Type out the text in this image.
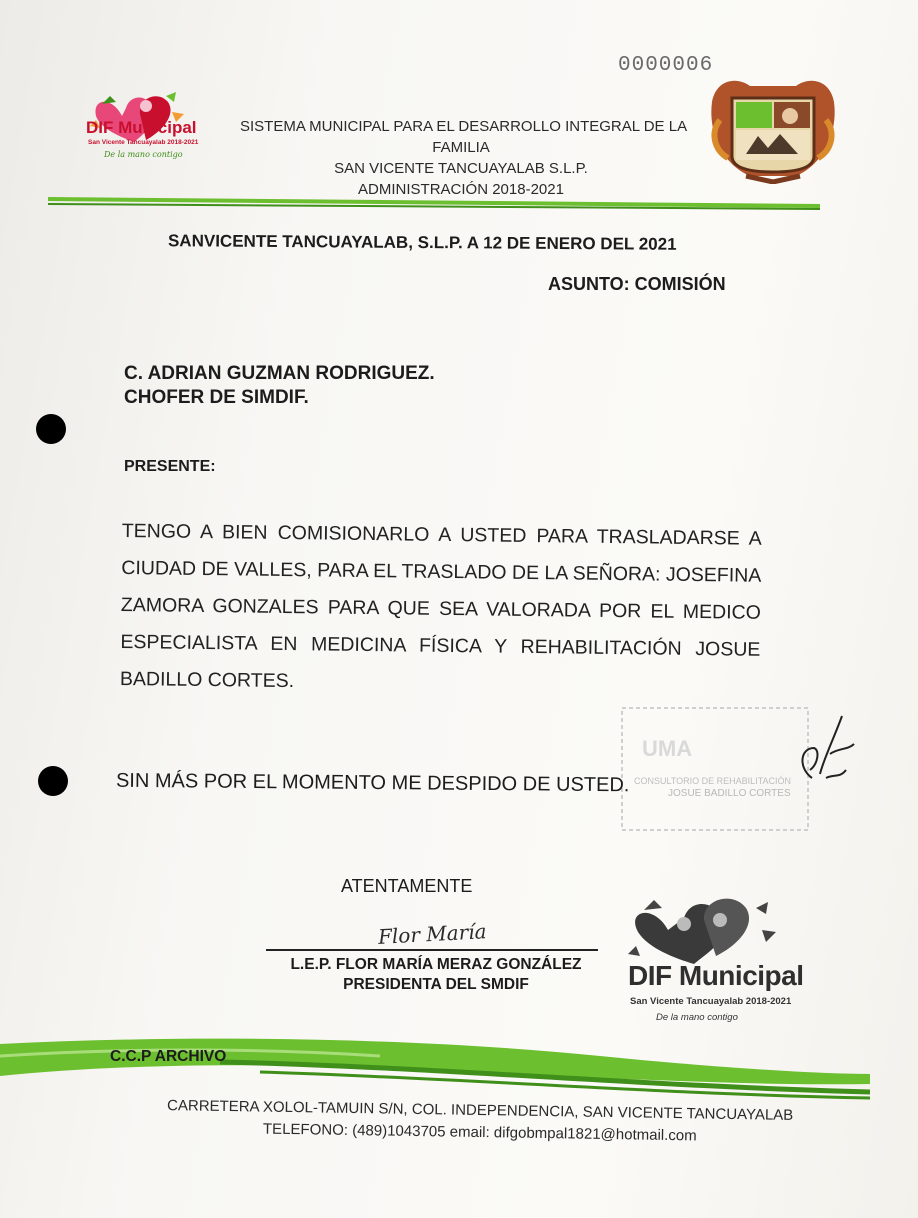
0000006
DIF Municipal
San Vicente Tancuayalab 2018-2021
De la mano contigo
SISTEMA MUNICIPAL PARA EL DESARROLLO INTEGRAL DE LA
FAMILIA
SAN VICENTE TANCUAYALAB S.L.P.
ADMINISTRACIÓN 2018-2021
SANVICENTE TANCUAYALAB, S.L.P. A 12 DE ENERO DEL 2021
ASUNTO: COMISIÓN
C. ADRIAN GUZMAN RODRIGUEZ.
CHOFER DE SIMDIF.
PRESENTE:
TENGO A BIEN COMISIONARLO A USTED PARA TRASLADARSE A CIUDAD DE VALLES, PARA EL TRASLADO DE LA SEÑORA: JOSEFINA ZAMORA GONZALES PARA QUE SEA VALORADA POR EL MEDICO ESPECIALISTA EN MEDICINA FÍSICA Y REHABILITACIÓN JOSUE BADILLO CORTES.
UMA
CONSULTORIO DE REHABILITACIÓN
JOSUE BADILLO CORTES
SIN MÁS POR EL MOMENTO ME DESPIDO DE USTED.
ATENTAMENTE
Flor María
L.E.P. FLOR MARÍA MERAZ GONZÁLEZ
PRESIDENTA DEL SMDIF	DIF Municipal
San Vicente Tancuayalab 2018-2021
De la mano contigo
C.C.P ARCHIVO
CARRETERA XOLOL-TAMUIN S/N, COL. INDEPENDENCIA, SAN VICENTE TANCUAYALAB
TELEFONO: (489)1043705 email: difgobmpal1821@hotmail.com
